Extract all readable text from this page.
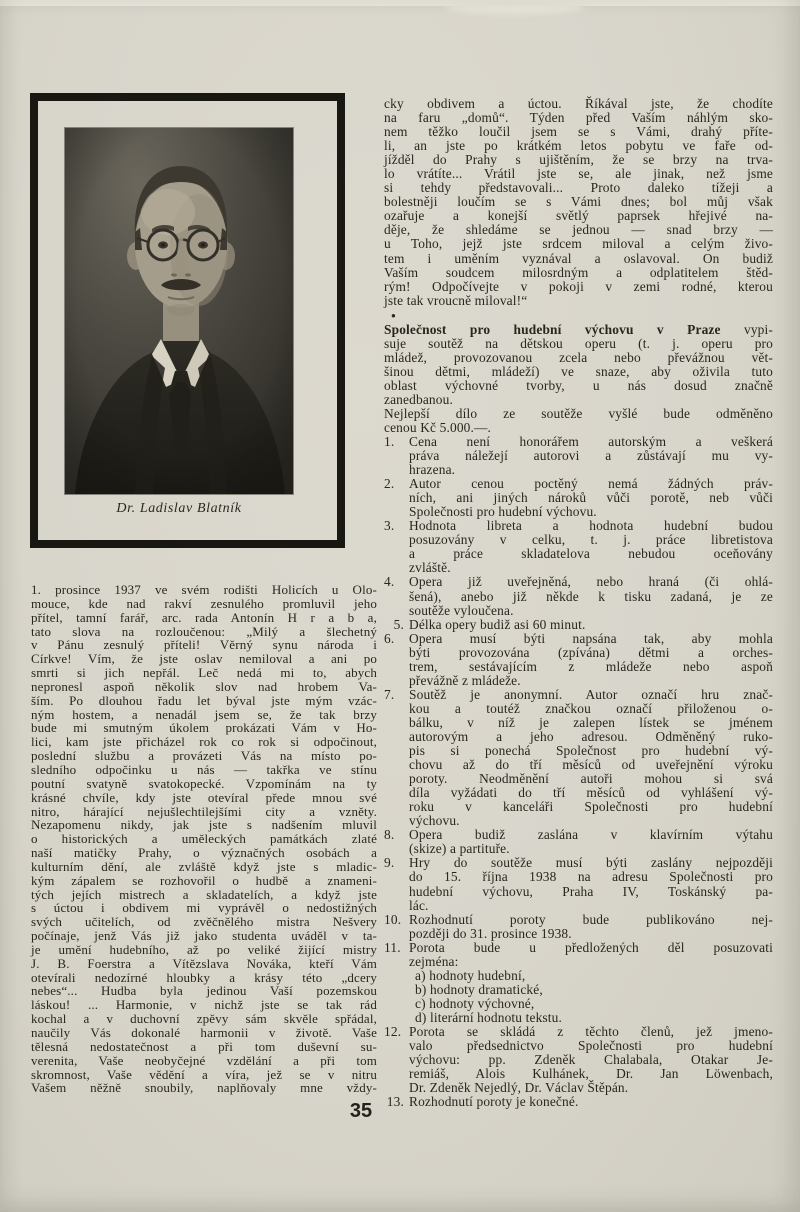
Dr. Ladislav Blatník
1. prosince 1937 ve svém rodišti Holicích u Olo-
mouce, kde nad rakví zesnulého promluvil jeho
přítel, tamní farář, arc. rada Antonín H r a b a,
tato slova na rozloučenou: „Milý a šlechetný
v Pánu zesnulý příteli! Věrný synu národa i
Církve! Vím, že jste oslav nemiloval a ani po
smrti si jich nepřál. Leč nedá mi to, abych
nepronesl aspoň několik slov nad hrobem Va-
ším. Po dlouhou řadu let býval jste mým vzác-
ným hostem, a nenadál jsem se, že tak brzy
bude mi smutným úkolem prokázati Vám v Ho-
lici, kam jste přicházel rok co rok si odpočinout,
poslední službu a provázeti Vás na místo po-
sledního odpočinku u nás — takřka ve stínu
poutní svatyně svatokopecké. Vzpomínám na ty
krásné chvíle, kdy jste otevíral přede mnou své
nitro, hárající nejušlechtilejšími city a vzněty.
Nezapomenu nikdy, jak jste s nadšením mluvil
o historických a uměleckých památkách zlaté
naší matičky Prahy, o význačných osobách a
kulturním dění, ale zvláště když jste s mladic-
kým zápalem se rozhovořil o hudbě a znameni-
tých jejích mistrech a skladatelích, a když jste
s úctou i obdivem mi vyprávěl o nedostižných
svých učitelích, od zvěčnělého mistra Nešvery
počínaje, jenž Vás již jako studenta uváděl v ta-
je umění hudebního, až po veliké žijící mistry
J. B. Foerstra a Vítězslava Nováka, kteří Vám
otevírali nedozírné hloubky a krásy této „dcery
nebes“... Hudba byla jedinou Vaší pozemskou
láskou! ... Harmonie, v nichž jste se tak rád
kochal a v duchovní zpěvy sám skvěle spřádal,
naučily Vás dokonalé harmonii v životě. Vaše
tělesná nedostatečnost a při tom duševní su-
verenita, Vaše neobyčejné vzdělání a při tom
skromnost, Vaše vědění a víra, jež se v nitru
Vašem něžně snoubily, naplňovaly mne vždy-
cky obdivem a úctou. Říkával jste, že chodíte
na faru „domů“. Týden před Vaším náhlým sko-
nem těžko loučil jsem se s Vámi, drahý příte-
li, an jste po krátkém letos pobytu ve faře od-
jížděl do Prahy s ujištěním, že se brzy na trva-
lo vrátíte... Vrátil jste se, ale jinak, než jsme
si tehdy představovali... Proto daleko tížeji a
bolestněji loučím se s Vámi dnes; bol můj však
ozařuje a konejší světlý paprsek hřejivé na-
děje, že shledáme se jednou — snad brzy —
u Toho, jejž jste srdcem miloval a celým živo-
tem i uměním vyznával a oslavoval. On budiž
Vaším soudcem milosrdným a odplatitelem štěd-
rým! Odpočívejte v pokoji v zemi rodné, kterou
jste tak vroucně miloval!“
●
Společnost pro hudební výchovu v Praze vypi-
suje soutěž na dětskou operu (t. j. operu pro
mládež, provozovanou zcela nebo převážnou vět-
šinou dětmi, mládeží) ve snaze, aby oživila tuto
oblast výchovné tvorby, u nás dosud značně
zanedbanou.
Nejlepší dílo ze soutěže vyšlé bude odměněno
cenou Kč 5.000.—.
1.	Cena není honorářem autorským a veškerá
práva náležejí autorovi a zůstávají mu vy-
hrazena.
2.	Autor cenou poctěný nemá žádných práv-
ních, ani jiných nároků vůči porotě, neb vůči
Společnosti pro hudební výchovu.
3.	Hodnota libreta a hodnota hudební budou
posuzovány v celku, t. j. práce libretistova
a práce skladatelova nebudou oceňovány
zvláště.
4.	Opera již uveřejněná, nebo hraná (či ohlá-
šená), anebo již někde k tisku zadaná, je ze
soutěže vyloučena.
5. Délka opery budiž asi 60 minut.
6.	Opera musí býti napsána tak, aby mohla
býti provozována (zpívána) dětmi a orches-
trem, sestávajícím z mládeže nebo aspoň
převážně z mládeže.
7.	Soutěž je anonymní. Autor označí hru znač-
kou a toutéž značkou označí přiloženou o-
bálku, v níž je zalepen lístek se jménem
autorovým a jeho adresou. Odměněný ruko-
pis si ponechá Společnost pro hudební vý-
chovu až do tří měsíců od uveřejnění výroku
poroty. Neodměnění autoři mohou si svá
díla vyžádati do tří měsíců od vyhlášení vý-
roku v kanceláři Společnosti pro hudební
výchovu.
8.	Opera budiž zaslána v klavírním výtahu
(skize) a partituře.
9.	Hry do soutěže musí býti zaslány nejpozději
do 15. října 1938 na adresu Společnosti pro
hudební výchovu, Praha IV, Toskánský pa-
lác.
10. Rozhodnutí poroty bude publikováno nej-
později do 31. prosince 1938.
11. Porota bude u předložených děl posuzovati
zejména:
a) hodnoty hudební,
b) hodnoty dramatické,
c) hodnoty výchovné,
d) literární hodnotu tekstu.
12. Porota se skládá z těchto členů, jež jmeno-
valo předsednictvo Společnosti pro hudební
výchovu: pp. Zdeněk Chalabala, Otakar Je-
remiáš, Alois Kulhánek, Dr. Jan Löwenbach,
Dr. Zdeněk Nejedlý, Dr. Václav Štěpán.
13. Rozhodnutí poroty je konečné.
35
